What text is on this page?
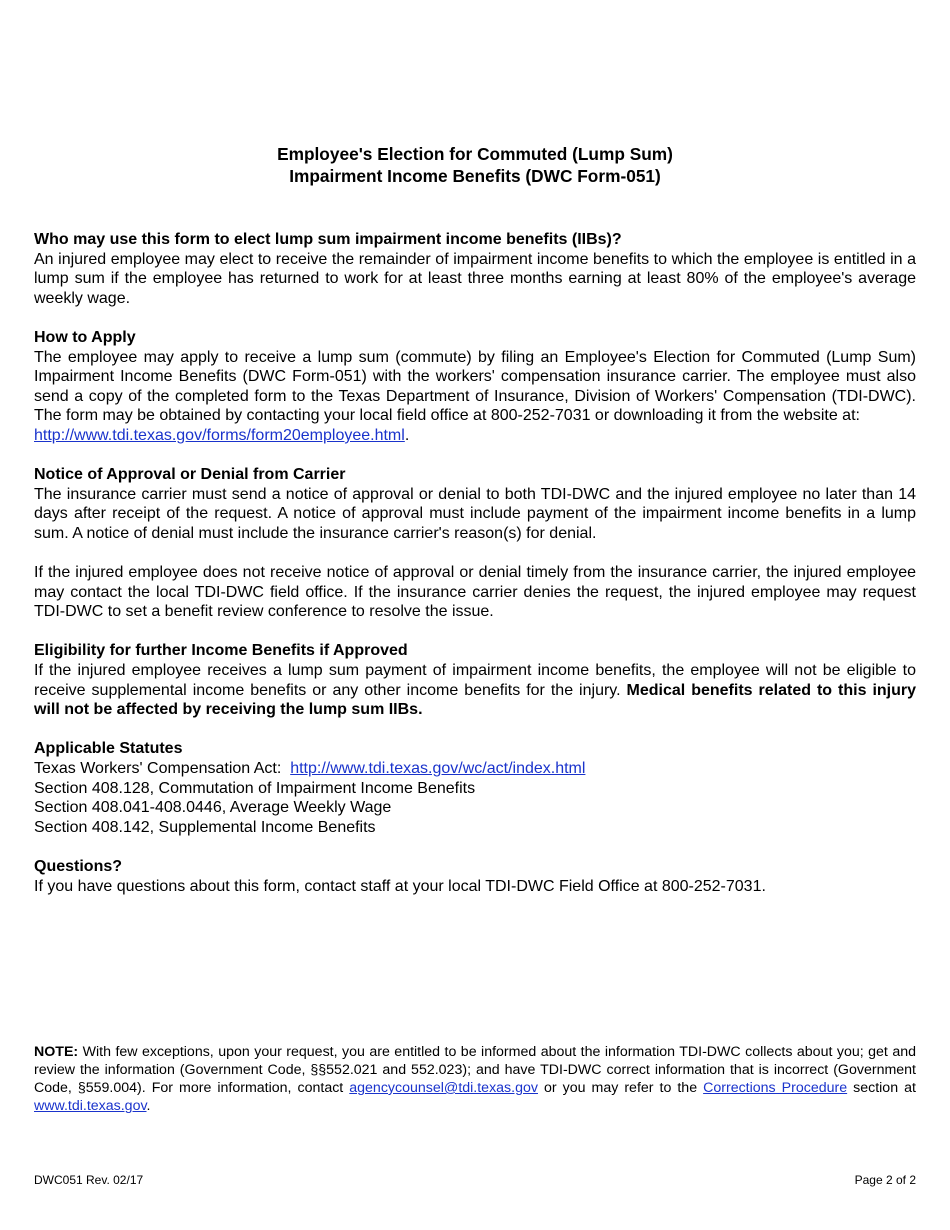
Employee's Election for Commuted (Lump Sum)
Impairment Income Benefits (DWC Form-051)
Who may use this form to elect lump sum impairment income benefits (IIBs)?

An injured employee may elect to receive the remainder of impairment income benefits to which the employee is entitled in a lump sum if the employee has returned to work for at least three months earning at least 80% of the employee's average weekly wage.

How to Apply

The employee may apply to receive a lump sum (commute) by filing an Employee's Election for Commuted (Lump Sum) Impairment Income Benefits (DWC Form-051) with the workers' compensation insurance carrier. The employee must also send a copy of the completed form to the Texas Department of Insurance, Division of Workers' Compensation (TDI-DWC). The form may be obtained by contacting your local field office at 800-252-7031 or downloading it from the website at:

http://www.tdi.texas.gov/forms/form20employee.html.
Notice of Approval or Denial from Carrier

The insurance carrier must send a notice of approval or denial to both TDI-DWC and the injured employee no later than 14 days after receipt of the request. A notice of approval must include payment of the impairment income benefits in a lump sum. A notice of denial must include the insurance carrier's reason(s) for denial.

If the injured employee does not receive notice of approval or denial timely from the insurance carrier, the injured employee may contact the local TDI-DWC field office. If the insurance carrier denies the request, the injured employee may request TDI-DWC to set a benefit review conference to resolve the issue.

Eligibility for further Income Benefits if Approved

If the injured employee receives a lump sum payment of impairment income benefits, the employee will not be eligible to receive supplemental income benefits or any other income benefits for the injury. Medical benefits related to this injury will not be affected by receiving the lump sum IIBs.

Applicable Statutes
Texas Workers' Compensation Act: http://www.tdi.texas.gov/wc/act/index.html
Section 408.128, Commutation of Impairment Income Benefits
Section 408.041-408.0446, Average Weekly Wage
Section 408.142, Supplemental Income Benefits
Questions?
If you have questions about this form, contact staff at your local TDI-DWC Field Office at 800-252-7031.
NOTE: With few exceptions, upon your request, you are entitled to be informed about the information TDI-DWC collects about you; get and review the information (Government Code, §§552.021 and 552.023); and have TDI-DWC correct information that is incorrect (Government Code, §559.004). For more information, contact agencycounsel@tdi.texas.gov or you may refer to the Corrections Procedure section at www.tdi.texas.gov.
DWC051 Rev. 02/17	Page 2 of 2
